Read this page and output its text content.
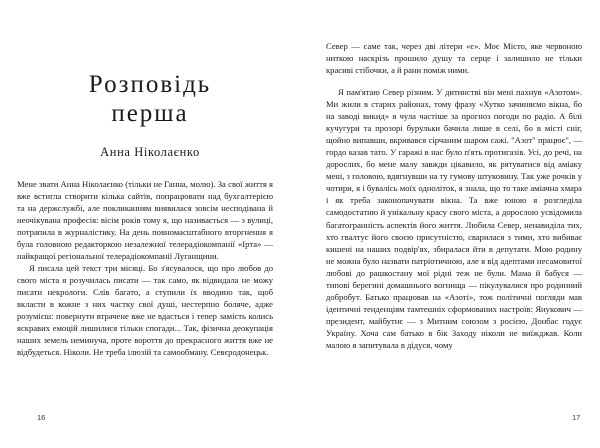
Розповідь
перша
Анна Ніколаєнко

Мене звати Анна Ніколаєнко (тільки не Ганна, молю). За свої життя я вже встигла створити кілька сайтів, попрацювати над бухгалтерією та на держслужбі, але покликанням виявилася зовсім несподівана й неочікувана професія: вісім років тому я, що називається — з вулиці, потрапила в журналістику. На день повномасштабного вторгнення я була головною редакторкою незалежної телерадіокомпанії «Ірта» — найкращої регіональної телерадіокомпанії Луганщини.

Я писала цей текст три місяці. Бо з'ясувалося, що про любов до свого міста я розучилась писати — так само, як відвидала не можу писати некрологи. Слів багато, а ступили їх вводино так, щоб вкласти в кожне з них частку свої душі, нестерпно боляче, адже розумієш: повернути втрачене вже не вдасться і тепер замість колись яскравих емоцій лишилися тільки спогади... Так, фізична деокупація наших земель неминуча, проте вороття до прекрасного життя вже не відбудеться. Ніколи. Не треба ілюзій та самообману. Севєродонецьк.

16

Север — саме так, через дві літери «є». Моє Місто, яке червоною ниткою наскрізь прошило душу та серце і залишило не тільки красиві стібочки, а й рани поміж ними.

Я пам'ятаю Север різним. У дитинстві він мені пахнув «Азотом». Ми жили в старих районах, тому фразу «Хутко зачиняємо вікна, бо на заводі викид» я чула частіше за прогноз погоди по радіо. А білі кучугури та прозорі бурульки бачила лише в селі, бо в місті сніг, щойно випавши, вкривався сірчаним шаром сажі. "Азот" працює", — гордо казав тато. У гаражі в нас було п'ять протигазів. Усі, до речі, на дорослих, бо мене малу завжди цікавило, як рятуватися від аміаку мені, з головою, вдягнувши на ту гумову штуковину. Так уже рочків у чотири, я і бувалісь моїх одноліток, я знала, що то таке аміачна хмара і як треба законопачувати вікна. Та вже юною я розгледіла самодостатню й унікальну красу свого міста, а дорослою усвідомила багатогранність аспектів його життя. Любила Север, ненавиділа тих, хто гвалтує його своєю присутністю, сварилася з тими, хто вибиває кишені на наших подвір'ях, збиралася йти в депутати. Мою родину не можна було назвати патріотичною, але я від адептами несамовитої любові до рашкостану мої рідні теж не були. Мама й бабуся — типові берегині домашнього вогнища — пікулувалися про родинний добробут. Батько працював на «Азоті», тож політичні погляди мав ідентичні тенденціям тамтешніх сформованих настроїв: Янукович — президент, майбутнє — з Митним союзом з росією, Донбас годує Україну. Хоча сам батько в бік Заходу ніколи не виїжджав. Коли малою я запитувала в дідуся, чому

17
